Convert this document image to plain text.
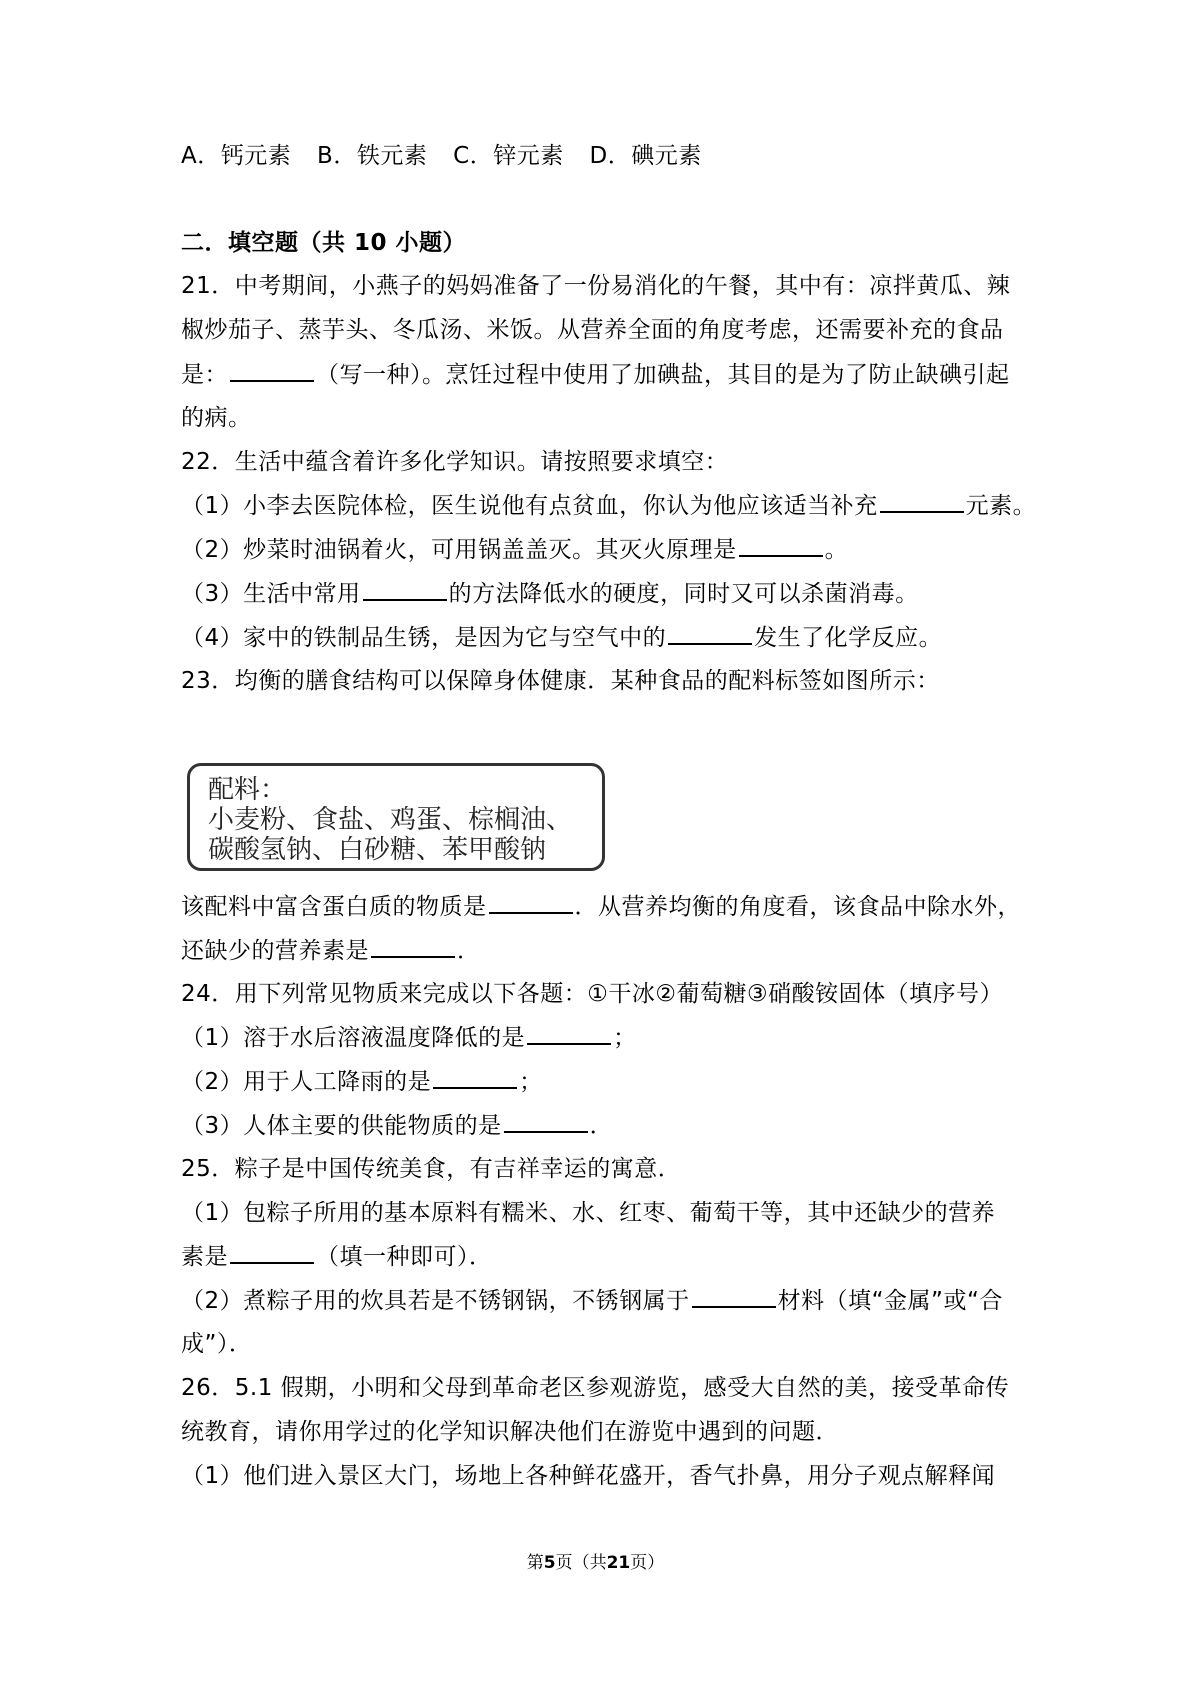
A．钙元素 B．铁元素 C．锌元素 D．碘元素
二．填空题（共 10 小题）
21．中考期间，小燕子的妈妈准备了一份易消化的午餐，其中有：凉拌黄瓜、辣
椒炒茄子、蒸芋头、冬瓜汤、米饭。从营养全面的角度考虑，还需要补充的食品
是：	（写一种）。烹饪过程中使用了加碘盐，其目的是为了防止缺碘引起
的病。
22．生活中蕴含着许多化学知识。请按照要求填空：
（1）小李去医院体检，医生说他有点贫血，你认为他应该适当补充	元素。
（2）炒菜时油锅着火，可用锅盖盖灭。其灭火原理是	。
（3）生活中常用	的方法降低水的硬度，同时又可以杀菌消毒。
（4）家中的铁制品生锈，是因为它与空气中的	发生了化学反应。
23．均衡的膳食结构可以保障身体健康．某种食品的配料标签如图所示：
配料：
小麦粉、食盐、鸡蛋、棕榈油、
碳酸氢钠、白砂糖、苯甲酸钠
该配料中富含蛋白质的物质是	．从营养均衡的角度看，该食品中除水外，
还缺少的营养素是	．
24．用下列常见物质来完成以下各题：①干冰②葡萄糖③硝酸铵固体（填序号）
（1）溶于水后溶液温度降低的是	；
（2）用于人工降雨的是	；
（3）人体主要的供能物质的是	．
25．粽子是中国传统美食，有吉祥幸运的寓意．
（1）包粽子所用的基本原料有糯米、水、红枣、葡萄干等，其中还缺少的营养
素是	（填一种即可）．
（2）煮粽子用的炊具若是不锈钢锅，不锈钢属于	材料（填“金属”或“合
成”）．
26．5.1 假期，小明和父母到革命老区参观游览，感受大自然的美，接受革命传
统教育，请你用学过的化学知识解决他们在游览中遇到的问题．
（1）他们进入景区大门，场地上各种鲜花盛开，香气扑鼻，用分子观点解释闻
第5页（共21页）
